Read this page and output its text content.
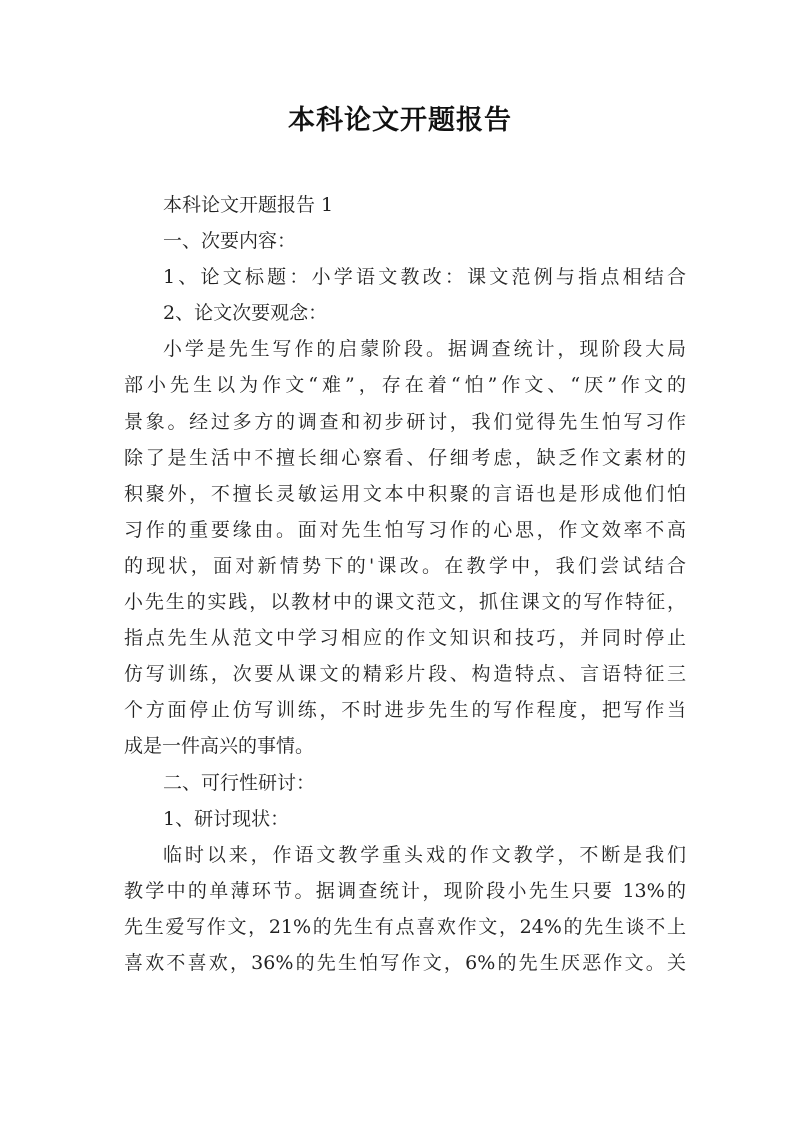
本科论文开题报告
本科论文开题报告 1
一、次要内容：
1、论文标题：小学语文教改：课文范例与指点相结合
2、论文次要观念：
小学是先生写作的启蒙阶段。据调查统计，现阶段大局
部小先生以为作文“难”，存在着“怕”作文、“厌”作文的
景象。经过多方的调查和初步研讨，我们觉得先生怕写习作
除了是生活中不擅长细心察看、仔细考虑，缺乏作文素材的
积聚外，不擅长灵敏运用文本中积聚的言语也是形成他们怕
习作的重要缘由。面对先生怕写习作的心思，作文效率不高
的现状，面对新情势下的'课改。在教学中，我们尝试结合
小先生的实践，以教材中的课文范文，抓住课文的写作特征，
指点先生从范文中学习相应的作文知识和技巧，并同时停止
仿写训练，次要从课文的精彩片段、构造特点、言语特征三
个方面停止仿写训练，不时进步先生的写作程度，把写作当
成是一件高兴的事情。
二、可行性研讨：
1、研讨现状：
临时以来，作语文教学重头戏的作文教学，不断是我们
教学中的单薄环节。据调查统计，现阶段小先生只要 13%的
先生爱写作文，21%的先生有点喜欢作文，24%的先生谈不上
喜欢不喜欢，36%的先生怕写作文，6%的先生厌恶作文。关
